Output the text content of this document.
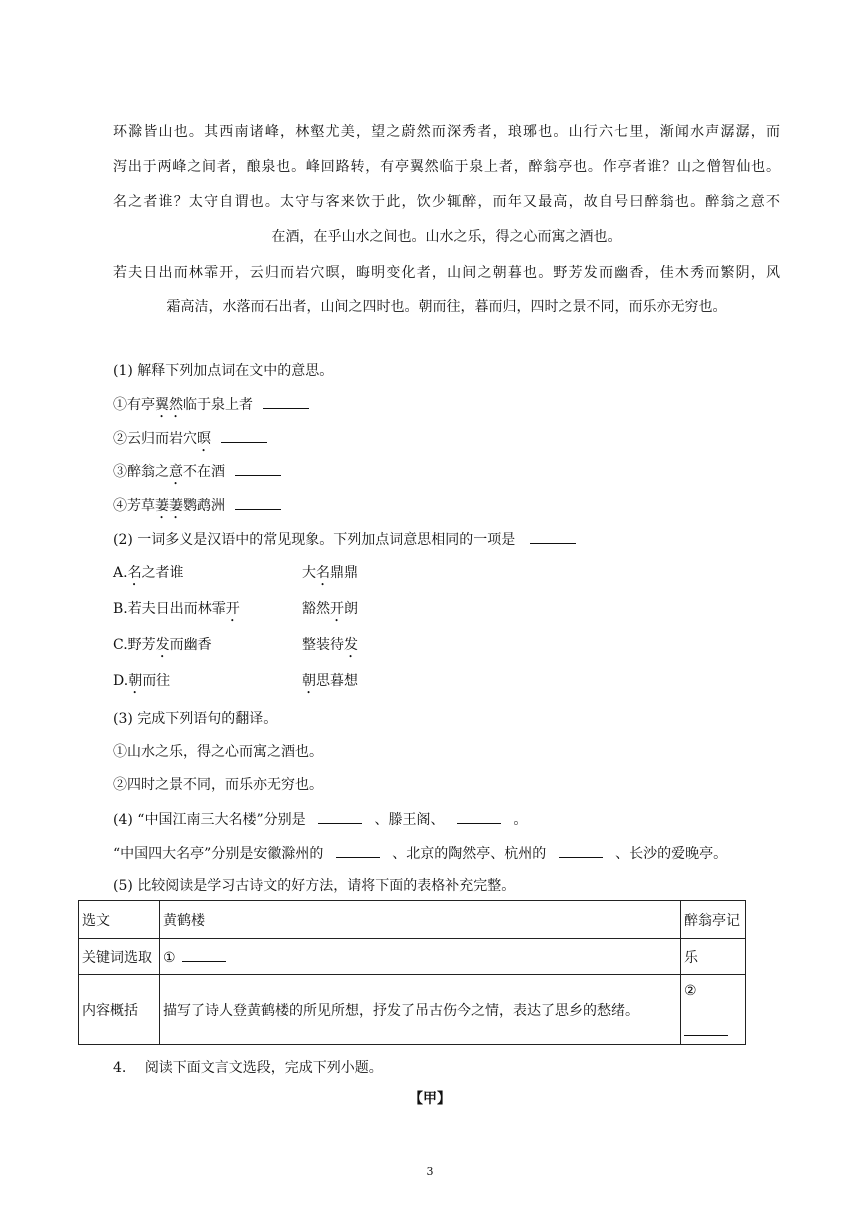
环滁皆山也。其西南诸峰，林壑尤美，望之蔚然而深秀者，琅琊也。山行六七里，渐闻水声潺潺，而
泻出于两峰之间者，酿泉也。峰回路转，有亭翼然临于泉上者，醉翁亭也。作亭者谁？山之僧智仙也。
名之者谁？太守自谓也。太守与客来饮于此，饮少辄醉，而年又最高，故自号曰醉翁也。醉翁之意不
在酒，在乎山水之间也。山水之乐，得之心而寓之酒也。
若夫日出而林霏开，云归而岩穴暝，晦明变化者，山间之朝暮也。野芳发而幽香，佳木秀而繁阴，风
霜高洁，水落而石出者，山间之四时也。朝而往，暮而归，四时之景不同，而乐亦无穷也。
(1) 解释下列加点词在文中的意思。
①有亭翼然临于泉上者
②云归而岩穴暝
③醉翁之意不在酒
④芳草萋萋鹦鹉洲
(2) 一词多义是汉语中的常见现象。下列加点词意思相同的一项是
A.名之者谁	大名鼎鼎
B.若夫日出而林霏开	豁然开朗
C.野芳发而幽香	整装待发
D.朝而往	朝思暮想
(3) 完成下列语句的翻译。
①山水之乐，得之心而寓之酒也。
②四时之景不同，而乐亦无穷也。
(4) “中国江南三大名楼”分别是	、滕王阁、	。
“中国四大名亭”分别是安徽滁州的	、北京的陶然亭、杭州的	、长沙的爱晚亭。
(5) 比较阅读是学习古诗文的好方法，请将下面的表格补充完整。
选文	黄鹤楼	醉翁亭记
关键词选取	①	乐
内容概括	描写了诗人登黄鹤楼的所见所想，抒发了吊古伤今之情，表达了思乡的愁绪。	②
4. 阅读下面文言文选段，完成下列小题。
【甲】
3
